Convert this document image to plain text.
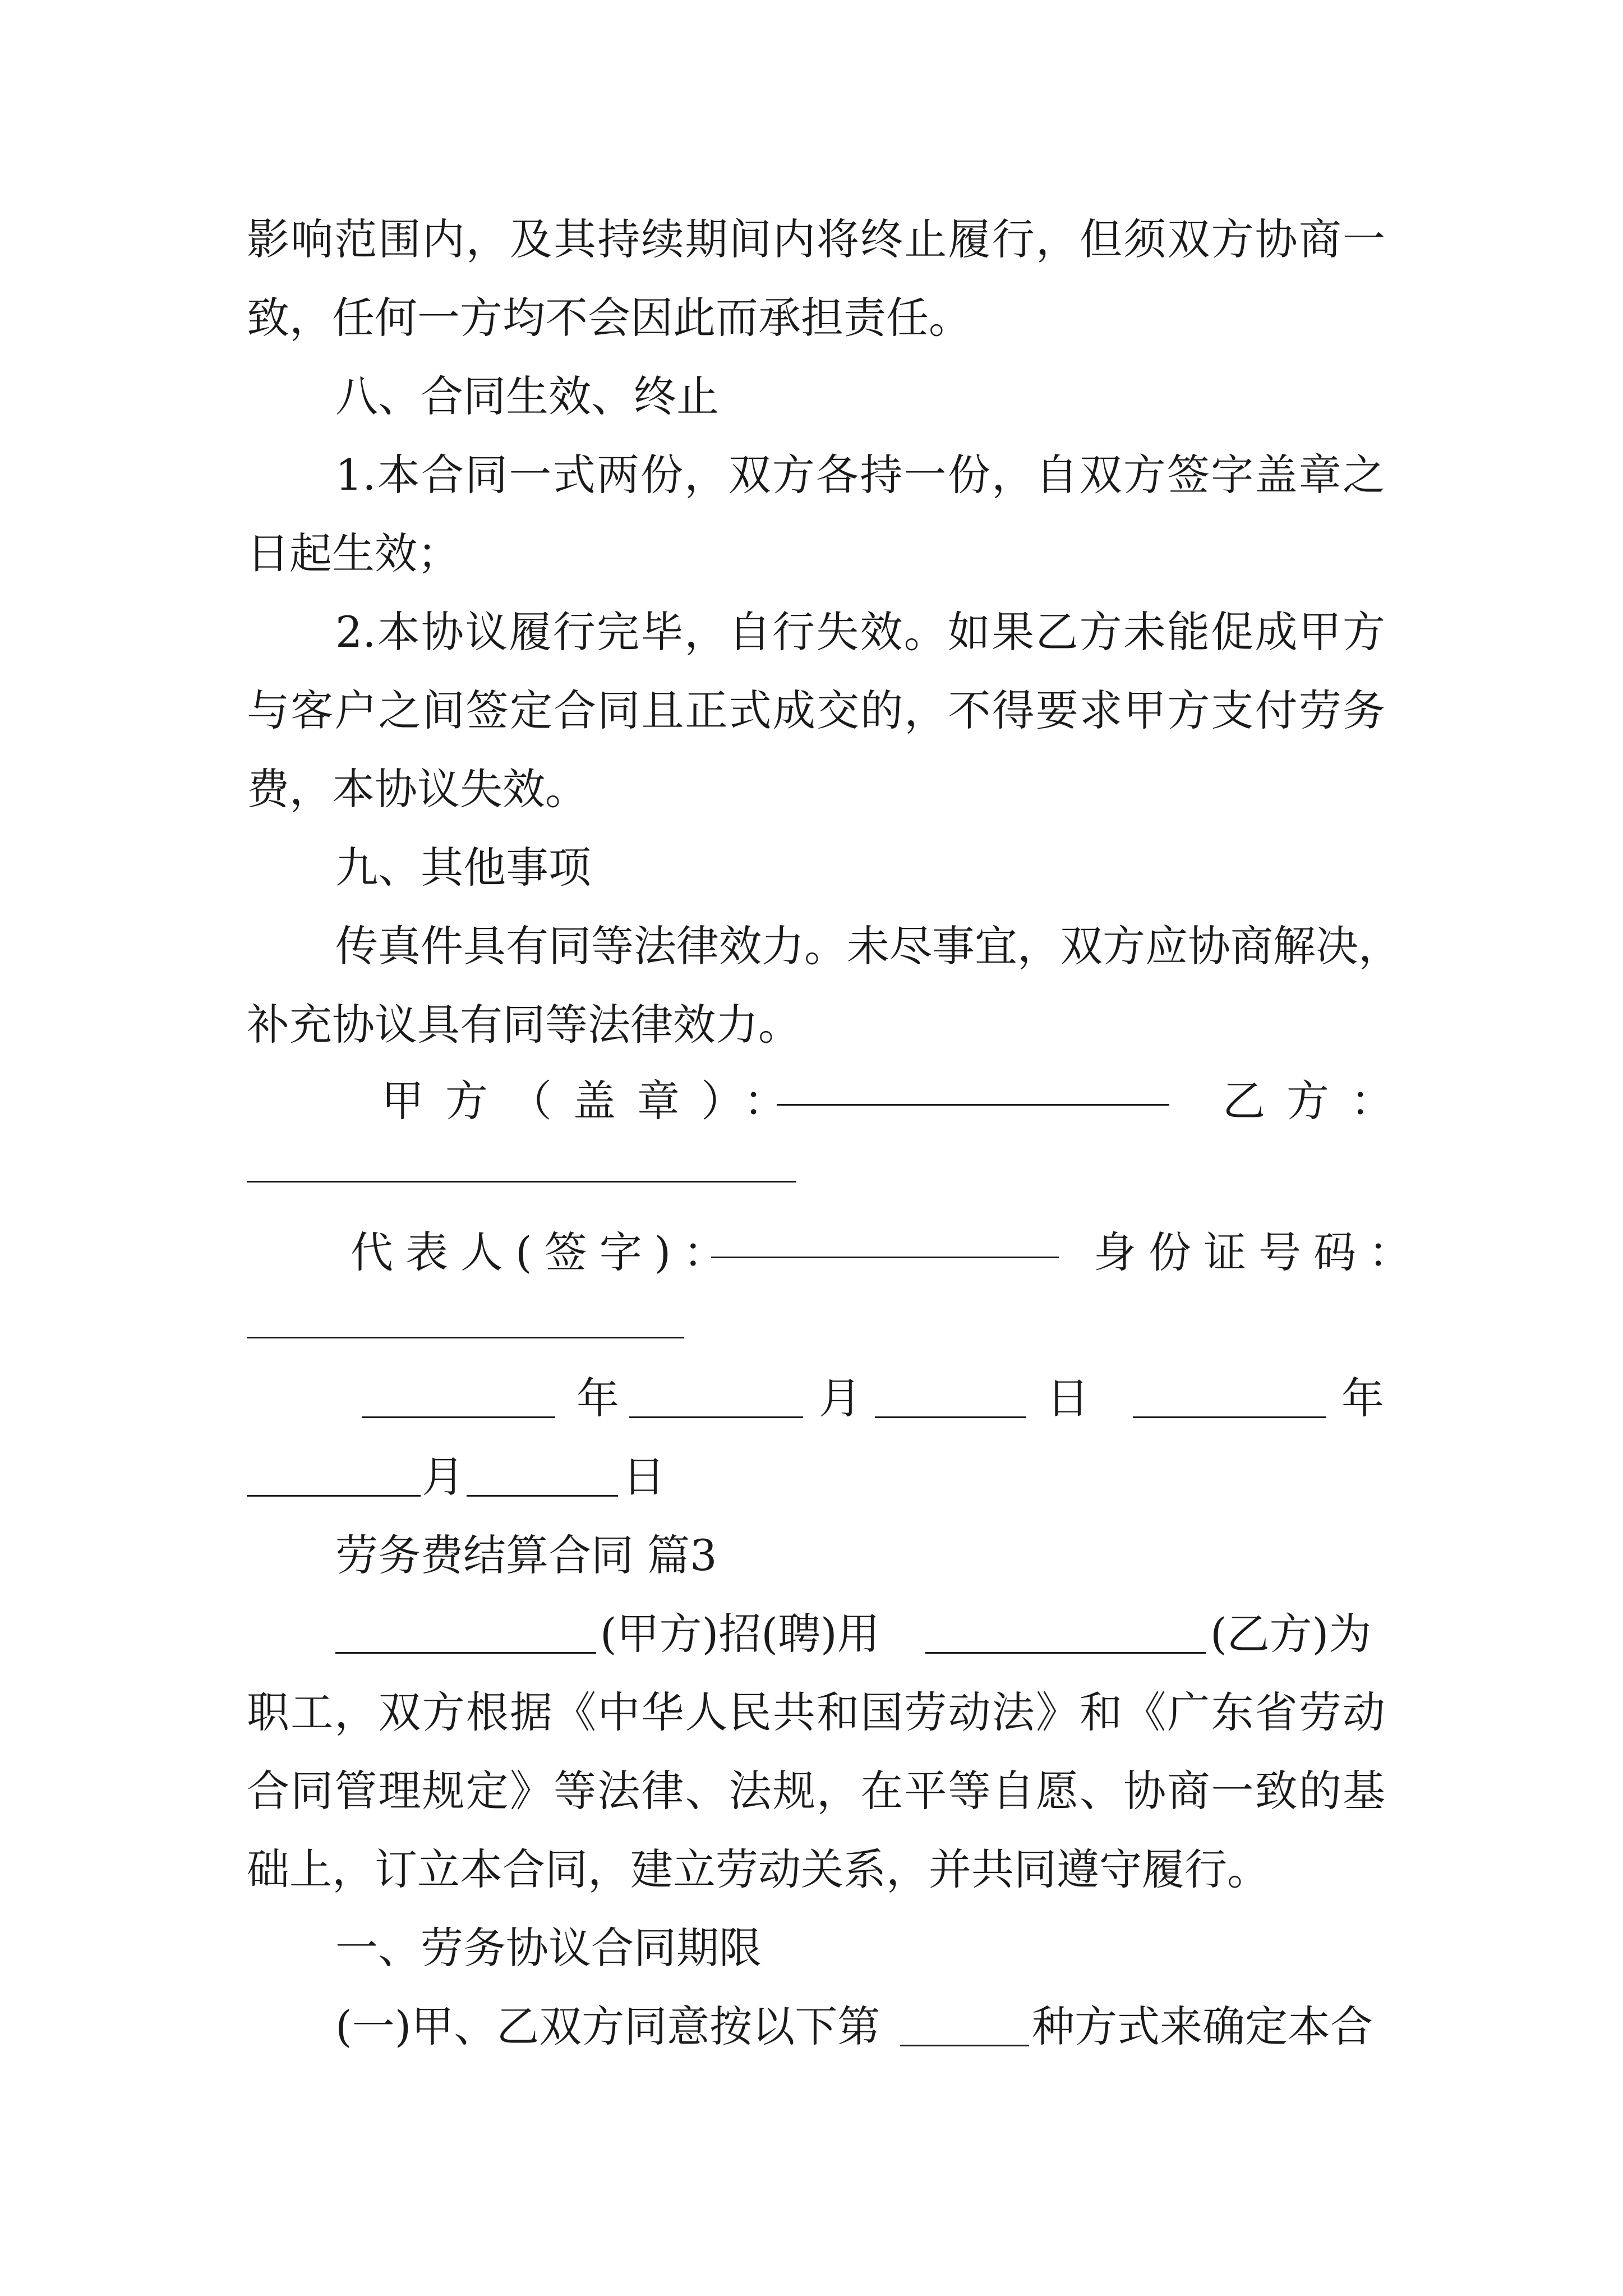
影响范围内，及其持续期间内将终止履行，但须双方协商一
致，任何一方均不会因此而承担责任。
八、合同生效、终止
1.本合同一式两份，双方各持一份，自双方签字盖章之
日起生效；
2.本协议履行完毕，自行失效。如果乙方未能促成甲方
与客户之间签定合同且正式成交的，不得要求甲方支付劳务
费，本协议失效。
九、其他事项
传真件具有同等法律效力。未尽事宜，双方应协商解决，
补充协议具有同等法律效力。
甲方（盖章）：	乙方：
代表人(签字)：	身份证号码：
年	月	日	年
月	日
劳务费结算合同 篇3
(甲方)招(聘)用	(乙方)为
职工，双方根据《中华人民共和国劳动法》和《广东省劳动
合同管理规定》等法律、法规，在平等自愿、协商一致的基
础上，订立本合同，建立劳动关系，并共同遵守履行。
一、劳务协议合同期限
(一)甲、乙双方同意按以下第	种方式来确定本合
